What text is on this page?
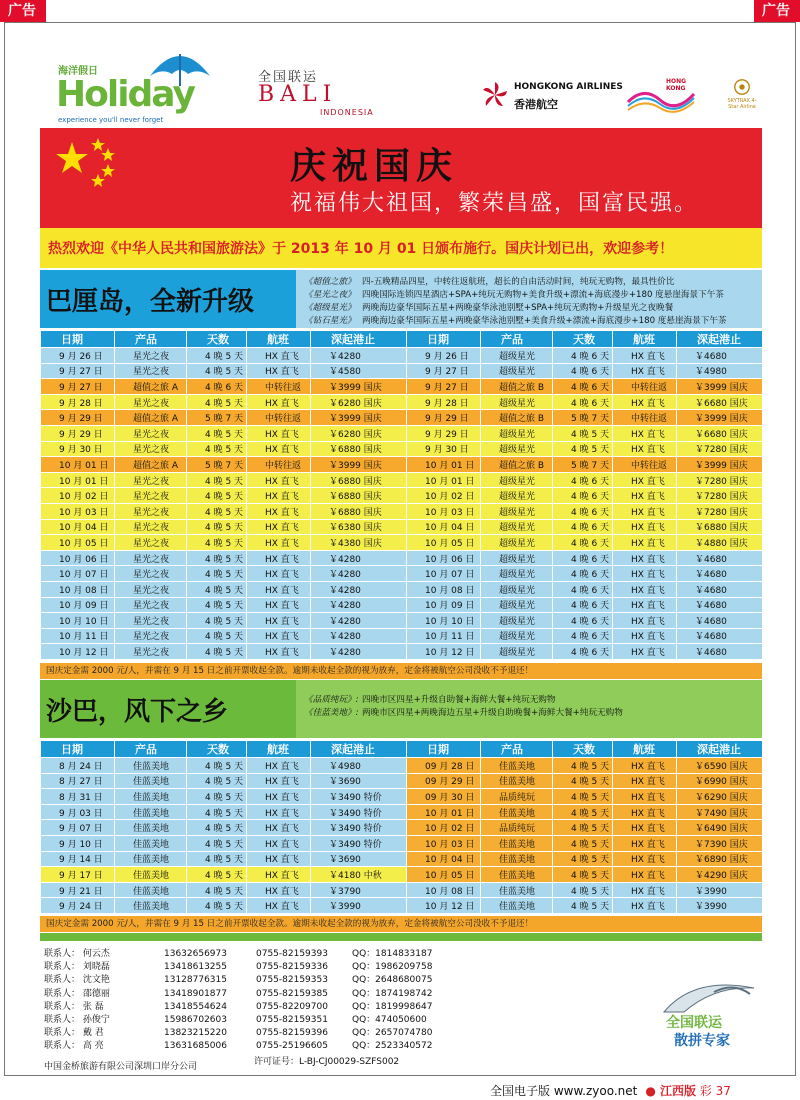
广告	广告
海洋假日
Holiday
experience you'll never forget
全国联运
BALI
INDONESIA
HONGKONG AIRLINES
香港航空
HONG KONG
SKYTRAX 4-Star Airline
庆祝国庆
祝福伟大祖国，繁荣昌盛，国富民强。
热烈欢迎《中华人民共和国旅游法》于 2013 年 10 月 01 日颁布施行。国庆计划已出，欢迎参考！
巴厘岛，全新升级
《超值之旅》 四-五晚精品四星，中转往返航班，超长的自由活动时间，纯玩无购物，最具性价比
《星光之夜》 四晚国际连锁四星酒店+SPA+纯玩无购物+美食升级+漂流+海底漫步+180 度悬崖海景下午茶
《超级星光》 两晚海边豪华国际五星+两晚豪华泳池别墅+SPA+纯玩无购物+升级星光之夜晚餐
《钻石星光》 两晚海边豪华国际五星+两晚豪华泳池别墅+美食升级+漂流+海底漫步+180 度悬崖海景下午茶
日期	产品	天数	航班	深起港止	日期	产品	天数	航班	深起港止
9 月 26 日	星光之夜	4 晚 5 天	HX 直飞	￥4280	9 月 26 日	超级星光	4 晚 6 天	HX 直飞	￥4680
9 月 27 日	星光之夜	4 晚 5 天	HX 直飞	￥4580	9 月 27 日	超级星光	4 晚 6 天	HX 直飞	￥4980
9 月 27 日	超值之旅 A	4 晚 6 天	中转往返	￥3999 国庆	9 月 27 日	超值之旅 B	4 晚 6 天	中转往返	￥3999 国庆
9 月 28 日	星光之夜	4 晚 5 天	HX 直飞	￥6280 国庆	9 月 28 日	超级星光	4 晚 6 天	HX 直飞	￥6680 国庆
9 月 29 日	超值之旅 A	5 晚 7 天	中转往返	￥3999 国庆	9 月 29 日	超值之旅 B	5 晚 7 天	中转往返	￥3999 国庆
9 月 29 日	星光之夜	4 晚 5 天	HX 直飞	￥6280 国庆	9 月 29 日	超级星光	4 晚 5 天	HX 直飞	￥6680 国庆
9 月 30 日	星光之夜	4 晚 5 天	HX 直飞	￥6880 国庆	9 月 30 日	超级星光	4 晚 5 天	HX 直飞	￥7280 国庆
10 月 01 日	超值之旅 A	5 晚 7 天	中转往返	￥3999 国庆	10 月 01 日	超值之旅 B	5 晚 7 天	中转往返	￥3999 国庆
10 月 01 日	星光之夜	4 晚 5 天	HX 直飞	￥6880 国庆	10 月 01 日	超级星光	4 晚 6 天	HX 直飞	￥7280 国庆
10 月 02 日	星光之夜	4 晚 5 天	HX 直飞	￥6880 国庆	10 月 02 日	超级星光	4 晚 6 天	HX 直飞	￥7280 国庆
10 月 03 日	星光之夜	4 晚 5 天	HX 直飞	￥6880 国庆	10 月 03 日	超级星光	4 晚 6 天	HX 直飞	￥7280 国庆
10 月 04 日	星光之夜	4 晚 5 天	HX 直飞	￥6380 国庆	10 月 04 日	超级星光	4 晚 6 天	HX 直飞	￥6880 国庆
10 月 05 日	星光之夜	4 晚 5 天	HX 直飞	￥4380 国庆	10 月 05 日	超级星光	4 晚 6 天	HX 直飞	￥4880 国庆
10 月 06 日	星光之夜	4 晚 5 天	HX 直飞	￥4280	10 月 06 日	超级星光	4 晚 6 天	HX 直飞	￥4680
10 月 07 日	星光之夜	4 晚 5 天	HX 直飞	￥4280	10 月 07 日	超级星光	4 晚 6 天	HX 直飞	￥4680
10 月 08 日	星光之夜	4 晚 5 天	HX 直飞	￥4280	10 月 08 日	超级星光	4 晚 6 天	HX 直飞	￥4680
10 月 09 日	星光之夜	4 晚 5 天	HX 直飞	￥4280	10 月 09 日	超级星光	4 晚 6 天	HX 直飞	￥4680
10 月 10 日	星光之夜	4 晚 5 天	HX 直飞	￥4280	10 月 10 日	超级星光	4 晚 6 天	HX 直飞	￥4680
10 月 11 日	星光之夜	4 晚 5 天	HX 直飞	￥4280	10 月 11 日	超级星光	4 晚 6 天	HX 直飞	￥4680
10 月 12 日	星光之夜	4 晚 5 天	HX 直飞	￥4280	10 月 12 日	超级星光	4 晚 6 天	HX 直飞	￥4680
国庆定金需 2000 元/人，并需在 9 月 15 日之前开票收起全款。逾期未收起全款的视为放弃，定金将被航空公司没收不予退还！
沙巴，风下之乡	《品质纯玩》: 四晚市区四星+升级自助餐+海鲜大餐+纯玩无购物
《佳蓝美地》: 两晚市区四星+两晚海边五星+升级自助晚餐+海鲜大餐+纯玩无购物
日期	产品	天数	航班	深起港止	日期	产品	天数	航班	深起港止
8 月 24 日	佳蓝美地	4 晚 5 天	HX 直飞	￥4980	09 月 28 日	佳蓝美地	4 晚 5 天	HX 直飞	￥6590 国庆
8 月 27 日	佳蓝美地	4 晚 5 天	HX 直飞	￥3690	09 月 29 日	佳蓝美地	4 晚 5 天	HX 直飞	￥6990 国庆
8 月 31 日	佳蓝美地	4 晚 5 天	HX 直飞	￥3490 特价	09 月 30 日	品质纯玩	4 晚 5 天	HX 直飞	￥6290 国庆
9 月 03 日	佳蓝美地	4 晚 5 天	HX 直飞	￥3490 特价	10 月 01 日	佳蓝美地	4 晚 5 天	HX 直飞	￥7490 国庆
9 月 07 日	佳蓝美地	4 晚 5 天	HX 直飞	￥3490 特价	10 月 02 日	品质纯玩	4 晚 5 天	HX 直飞	￥6490 国庆
9 月 10 日	佳蓝美地	4 晚 5 天	HX 直飞	￥3490 特价	10 月 03 日	佳蓝美地	4 晚 5 天	HX 直飞	￥7390 国庆
9 月 14 日	佳蓝美地	4 晚 5 天	HX 直飞	￥3690	10 月 04 日	佳蓝美地	4 晚 5 天	HX 直飞	￥6890 国庆
9 月 17 日	佳蓝美地	4 晚 5 天	HX 直飞	￥4180 中秋	10 月 05 日	佳蓝美地	4 晚 5 天	HX 直飞	￥4290 国庆
9 月 21 日	佳蓝美地	4 晚 5 天	HX 直飞	￥3790	10 月 08 日	佳蓝美地	4 晚 5 天	HX 直飞	￥3990
9 月 24 日	佳蓝美地	4 晚 5 天	HX 直飞	￥3990	10 月 12 日	佳蓝美地	4 晚 5 天	HX 直飞	￥3990
国庆定金需 2000 元/人，并需在 9 月 15 日之前开票收起全款。逾期未收起全款的视为放弃，定金将被航空公司没收不予退还！
联系人： 何云杰	13632656973	0755-82159393	QQ：1814833187
联系人： 刘晓磊	13418613255	0755-82159336	QQ：1986209758
联系人： 沈文艳	13128776315	0755-82159353	QQ：2648680075
联系人： 邵德丽	13418901877	0755-82159385	QQ：1874198742
联系人： 张 磊	13418554624	0755-82209700	QQ：1819998647
联系人： 孙俊宁	15986702603	0755-82159351	QQ：474050600
联系人： 戴 君	13823215220	0755-82159396	QQ：2657074780
联系人： 高 亮	13631685006	0755-25196605	QQ：2523340572
中国金桥旅游有限公司深圳口岸分公司	许可证号：L-BJ-CJ00029-SZFS002
全国联运
散拼专家
全国电子版 www.zyoo.net  ● 江西版 彩 37
